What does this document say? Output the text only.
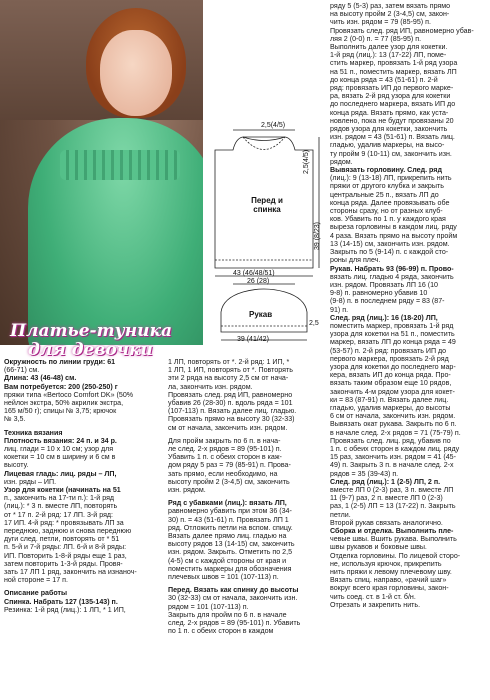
Платье-туника
для девочки
2,5(4/5)
Перед и спинка
43 (46/48/51)
2,5(4/5)
39 (8/23)
26 (28)
Рукав
39 (41/42)
2,5

Окружность по линии груди: 61

(66-71) см.

Длина: 43 (46-48) см.

Вам потребуется: 200 (250-250) г

пряжи типа «Bertoco Comfort DK» (50%

нейлон экстра, 50% акрилик экстра,

165 м/50 г); спицы № 3,75; крючок

№ 3,5.

Техника вязания

Плотность вязания: 24 п. и 34 р.

лиц. глади = 10 х 10 см; узор для

кокетки = 10 см в ширину и 6 см в

высоту.

Лицевая гладь: лиц. ряды – ЛП,

изн. ряды – ИП.

Узор для кокетки (начинать на 51

п., закончить на 17-ти п.): 1-й ряд

(лиц.): * 3 п. вместе ЛП, повторять

от * 17 п. 2-й ряд: 17 ЛП. 3-й ряд:

17 ИП. 4-й ряд: * провязывать ЛП за

переднюю, заднюю и снова переднюю

дуги след. петли, повторять от * 51

п. 5-й и 7-й ряды: ЛП. 6-й и 8-й ряды:

ИП. Повторить 1-8-й ряды еще 1 раз,

затем повторить 1-3-й ряды. Провя-

зать 17 ЛП 1 ряд, закончить на изнаноч-

ной стороне = 17 п.

Описание работы

Спинка. Набрать 127 (135-143) п.

Резинка: 1-й ряд (лиц.): 1 ЛП, * 1 ИП,

1 ЛП, повторять от *. 2-й ряд: 1 ИП, *

1 ЛП, 1 ИП, повторять от *. Повторять

эти 2 ряда на высоту 2,5 см от нача-

ла, закончить изн. рядом.

Провязать след. ряд ИП, равномерно

убавив 26 (28-30) п. вдоль ряда = 101

(107-113) п. Вязать далее лиц. гладью.

Провязать прямо на высоту 30 (32-33)

см от начала, закончить изн. рядом.

Для пройм закрыть по 6 п. в нача-

ле след. 2-х рядов = 89 (95-101) п.

Убавить 1 п. с обеих сторон в каж-

дом ряду 5 раз = 79 (85-91) п. Прова-

зать прямо, если необходимо, на

высоту пройм 2 (3-4,5) см, закончить

изн. рядом.

Ряд с убавками (лиц.): вязать ЛП,

равномерно убавить при этом 36 (34-

30) п. = 43 (51-61) п. Провязать ЛП 1

ряд. Отложить петли на вспом. спицу.

Вязать далее прямо лиц. гладью на

высоту рядов 13 (14-15) см, закончить

изн. рядом. Закрыть. Отметить по 2,5

(4-5) см с каждой стороны от края и

поместить маркеры для обозначения

плечевых швов = 101 (107-113) п.

Перед. Вязать как спинку до высоты

30 (32-33) см от начала, закончить изн.

рядом = 101 (107-113) п.

Закрыть для пройм по 6 п. в начале

след. 2-х рядов = 89 (95-101) п. Убавить

по 1 п. с обеих сторон в каждом

ряду 5 (5-3) раз, затем вязать прямо

на высоту пройм 2 (3-4,5) см, закон-

чить изн. рядом = 79 (85-95) п.

Провязать след. ряд ИП, равномерно убав-

ляя 2 (0-0) п. = 77 (85-95) п.

Выполнить далее узор для кокетки.

1-й ряд (лиц.): 13 (17-22) ЛП, поме-

стить маркер, провязать 1-й ряд узора

на 51 п., поместить маркер, вязать ЛП

до конца ряда = 43 (51-61) п. 2-й

ряд: провязать ИП до первого марке-

ра, вязать 2-й ряд узора для кокетки

до последнего маркера, вязать ИП до

конца ряда. Вязать прямо, как уста-

новлено, пока не будут провязаны 20

рядов узора для кокетки, закончить

изн. рядом = 43 (51-61) п. Вязать лиц.

гладью, удалив маркеры, на высо-

ту пройм 9 (10-11) см, закончить изн.

рядом.

Вывязать горловину. След. ряд

(лиц.): 9 (13-18) ЛП, прикрепить нить

пряжи от другого клубка и закрыть

центральные 25 п., вязать ЛП до

конца ряда. Далее провязывать обе

стороны сразу, но от разных клуб-

ков. Убавить по 1 п. у каждого края

выреза горловины в каждом лиц. ряду

4 раза. Вязать прямо на высоту пройм

13 (14-15) см, закончить изн. рядом.

Закрыть по 5 (9-14) п. с каждой сто-

роны для плеч.

Рукав. Набрать 93 (96-99) п. Прово-

вязать лиц. гладью 4 ряда, закончить

изн. рядом. Провязать ЛП 16 (10

9-8) п. равномерно убавив 10

(9-8) п. в последнем ряду = 83 (87-

91) п.

След. ряд (лиц.): 16 (18-20) ЛП,

поместить маркер, провязать 1-й ряд

узора для кокетки на 51 п., поместить

маркер, вязать ЛП до конца ряда = 49

(53-57) п. 2-й ряд: провязать ИП до

первого маркера, провязать 2-й ряд

узора для кокетки до последнего мар-

кера, вязать ИП до конца ряда. Про-

вязать таким образом еще 10 рядов,

закончить 4-м рядом узора для кокет-

ки = 83 (87-91) п. Вязать далее лиц.

гладью, удалив маркеры, до высоты

6 см от начала, закончить изн. рядом.

Вывязать окат рукава. Закрыть по 6 п.

в начале след. 2-х рядов = 71 (75-79) п.

Провязать след. лиц. ряд, убавив по

1 п. с обеих сторон в каждом лиц. ряду

15 раз, закончить изн. рядом = 41 (45-

49) п. Закрыть 3 п. в начале след. 2-х

рядов = 35 (39-43) п.

След. ряд (лиц.): 1 (2-5) ЛП, 2 п.

вместе ЛП 0 (2-3) раз, 3 п. вместе ЛП

11 (9-7) раз, 2 п. вместе ЛП 0 (2-3)

раз, 1 (2-5) ЛП = 13 (17-22) п. Закрыть

петли.

Второй рукав связать аналогично.

Сборка и отделка. Выполнить пле-

чевые швы. Вшить рукава. Выполнить

швы рукавов и боковые швы.

Отделка горловины. По лицевой сторо-

не, используя крючок, прикрепить

нить пряжи к левому плечевому шву.

Вязать спиц. направо, «рачий шаг»

вокруг всего края горловины, закон-

чить соед. ст. в 1-й ст. б/н.

Отрезать и закрепить нить.
